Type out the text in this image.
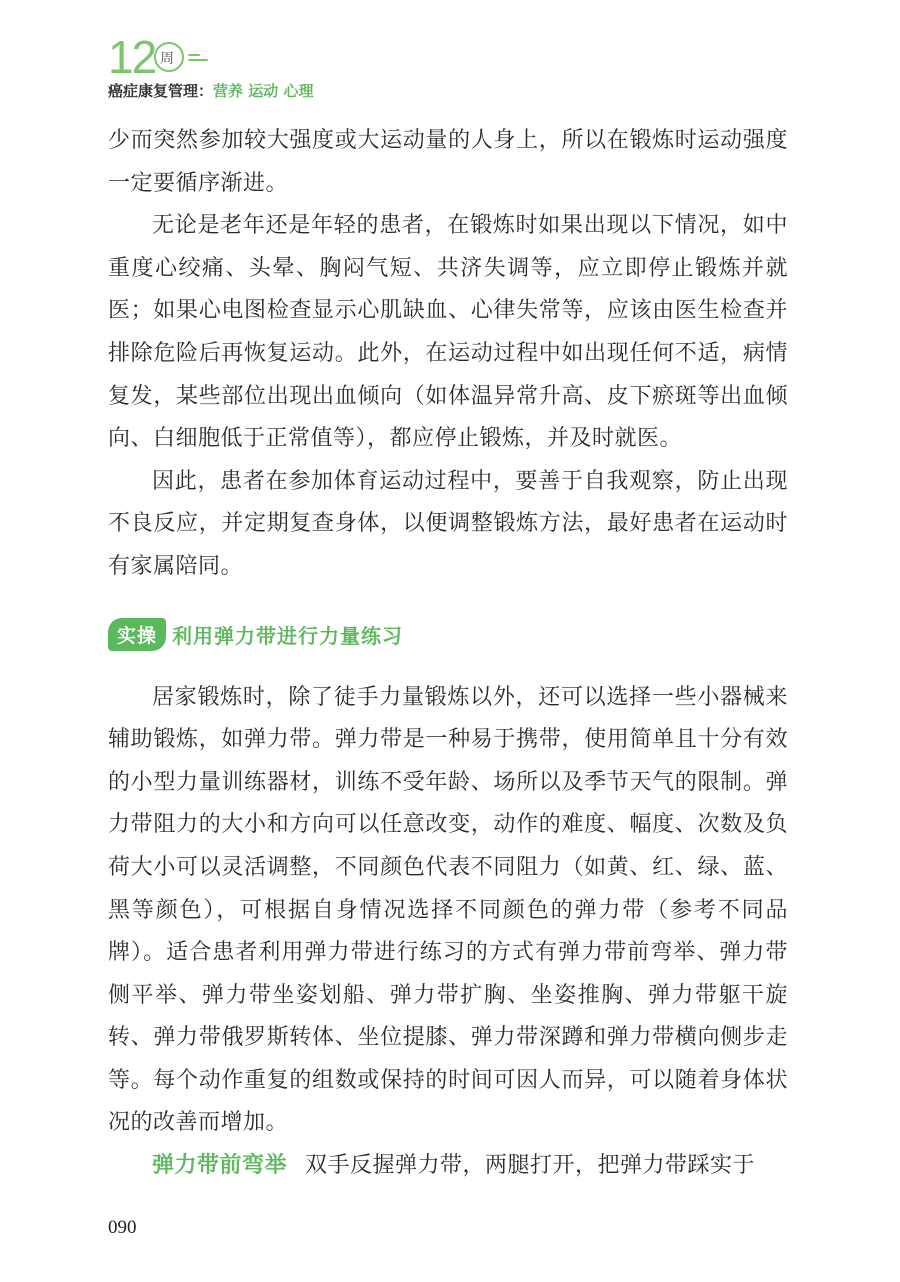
12 周
癌症康复管理：营养 运动 心理

少而突然参加较大强度或大运动量的人身上，所以在锻炼时运动强度一定要循序渐进。

无论是老年还是年轻的患者，在锻炼时如果出现以下情况，如中重度心绞痛、头晕、胸闷气短、共济失调等，应立即停止锻炼并就医；如果心电图检查显示心肌缺血、心律失常等，应该由医生检查并排除危险后再恢复运动。此外，在运动过程中如出现任何不适，病情复发，某些部位出现出血倾向（如体温异常升高、皮下瘀斑等出血倾向、白细胞低于正常值等），都应停止锻炼，并及时就医。

因此，患者在参加体育运动过程中，要善于自我观察，防止出现不良反应，并定期复查身体，以便调整锻炼方法，最好患者在运动时有家属陪同。

实操 利用弹力带进行力量练习

居家锻炼时，除了徒手力量锻炼以外，还可以选择一些小器械来辅助锻炼，如弹力带。弹力带是一种易于携带，使用简单且十分有效的小型力量训练器材，训练不受年龄、场所以及季节天气的限制。弹力带阻力的大小和方向可以任意改变，动作的难度、幅度、次数及负荷大小可以灵活调整，不同颜色代表不同阻力（如黄、红、绿、蓝、黑等颜色），可根据自身情况选择不同颜色的弹力带（参考不同品牌）。适合患者利用弹力带进行练习的方式有弹力带前弯举、弹力带侧平举、弹力带坐姿划船、弹力带扩胸、坐姿推胸、弹力带躯干旋转、弹力带俄罗斯转体、坐位提膝、弹力带深蹲和弹力带横向侧步走等。每个动作重复的组数或保持的时间可因人而异，可以随着身体状况的改善而增加。

弹力带前弯举 双手反握弹力带，两腿打开，把弹力带踩实于

090
